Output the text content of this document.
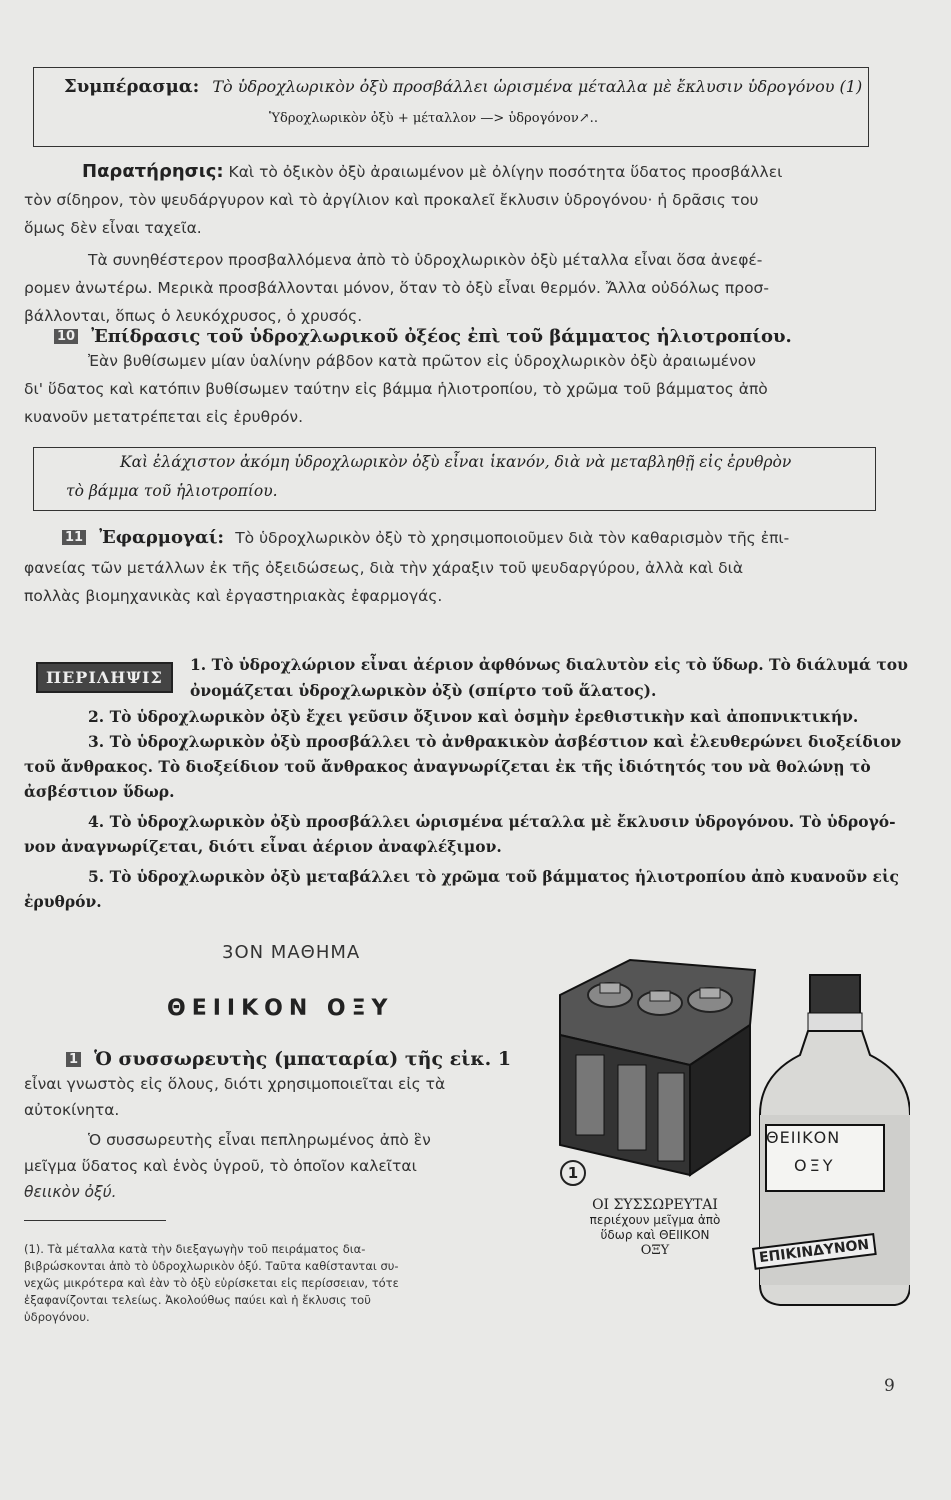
Συμπέρασμα: Τὸ ὑδροχλωρικὸν ὀξὺ προσβάλλει ὡρισμένα μέταλλα μὲ ἔκλυσιν ὑδρογόνου (1)
Ὑδροχλωρικὸν ὀξὺ + μέταλλον —> ὑδρογόνον↗..

Παρατήρησις: Καὶ τὸ ὀξικὸν ὀξὺ ἀραιωμένον μὲ ὀλίγην ποσότητα ὕδατος προσβάλλει

τὸν σίδηρον, τὸν ψευδάργυρον καὶ τὸ ἀργίλιον καὶ προκαλεῖ ἔκλυσιν ὑδρογόνου· ἡ δρᾶσις του

ὅμως δὲν εἶναι ταχεῖα.

Τὰ συνηθέστερον προσβαλλόμενα ἀπὸ τὸ ὑδροχλωρικὸν ὀξὺ μέταλλα εἶναι ὅσα ἀνεφέ-

ρομεν ἀνωτέρω. Μερικὰ προσβάλλονται μόνον, ὅταν τὸ ὀξὺ εἶναι θερμόν. Ἄλλα οὐδόλως προσ-

βάλλονται, ὅπως ὁ λευκόχρυσος, ὁ χρυσός.

10 Ἐπίδρασις τοῦ ὑδροχλωρικοῦ ὀξέος ἐπὶ τοῦ βάμματος ἡλιοτροπίου.

Ἐὰν βυθίσωμεν μίαν ὑαλίνην ράβδον κατὰ πρῶτον εἰς ὑδροχλωρικὸν ὀξὺ ἀραιωμένον

δι' ὕδατος καὶ κατόπιν βυθίσωμεν ταύτην εἰς βάμμα ἡλιοτροπίου, τὸ χρῶμα τοῦ βάμματος ἀπὸ

κυανοῦν μετατρέπεται εἰς ἐρυθρόν.

Καὶ ἐλάχιστον ἀκόμη ὑδροχλωρικὸν ὀξὺ εἶναι ἱκανόν, διὰ νὰ μεταβληθῇ εἰς ἐρυθρὸν
τὸ βάμμα τοῦ ἡλιοτροπίου.

11 Ἐφαρμογαί: Τὸ ὑδροχλωρικὸν ὀξὺ τὸ χρησιμοποιοῦμεν διὰ τὸν καθαρισμὸν τῆς ἐπι-

φανείας τῶν μετάλλων ἐκ τῆς ὀξειδώσεως, διὰ τὴν χάραξιν τοῦ ψευδαργύρου, ἀλλὰ καὶ διὰ

πολλὰς βιομηχανικὰς καὶ ἐργαστηριακὰς ἐφαρμογάς.

ΠΕΡΙΛΗΨΙΣ

1. Τὸ ὑδροχλώριον εἶναι ἀέριον ἀφθόνως διαλυτὸν εἰς τὸ ὕδωρ. Τὸ διάλυμά του

ὀνομάζεται ὑδροχλωρικὸν ὀξὺ (σπίρτο τοῦ ἅλατος).

2. Τὸ ὑδροχλωρικὸν ὀξὺ ἔχει γεῦσιν ὄξινον καὶ ὀσμὴν ἐρεθιστικὴν καὶ ἀποπνικτικήν.

3. Τὸ ὑδροχλωρικὸν ὀξὺ προσβάλλει τὸ ἀνθρακικὸν ἀσβέστιον καὶ ἐλευθερώνει διοξείδιον

τοῦ ἄνθρακος. Τὸ διοξείδιον τοῦ ἄνθρακος ἀναγνωρίζεται ἐκ τῆς ἰδιότητός του νὰ θολώνῃ τὸ

ἀσβέστιον ὕδωρ.

4. Τὸ ὑδροχλωρικὸν ὀξὺ προσβάλλει ὡρισμένα μέταλλα μὲ ἔκλυσιν ὑδρογόνου. Τὸ ὑδρογό-

νον ἀναγνωρίζεται, διότι εἶναι ἀέριον ἀναφλέξιμον.

5. Τὸ ὑδροχλωρικὸν ὀξὺ μεταβάλλει τὸ χρῶμα τοῦ βάμματος ἡλιοτροπίου ἀπὸ κυανοῦν εἰς

ἐρυθρόν.

3ΟΝ ΜΑΘΗΜΑ
ΘΕΙΙΚΟΝ ΟΞΥ

1 Ὁ συσσωρευτὴς (μπαταρία) τῆς εἰκ. 1

εἶναι γνωστὸς εἰς ὅλους, διότι χρησιμοποιεῖται εἰς τὰ

αὐτοκίνητα.

Ὁ συσσωρευτὴς εἶναι πεπληρωμένος ἀπὸ ἓν

μεῖγμα ὕδατος καὶ ἑνὸς ὑγροῦ, τὸ ὁποῖον καλεῖται

θειικὸν ὀξύ.

ΘΕΙΙΚΟΝ
ΟΞΥ
ΕΠΙΚΙΝΔΥΝΟΝ
1
ΟΙ ΣΥΣΣΩΡΕΥΤΑΙ
περιέχουν μεῖγμα ἀπὸ
ὕδωρ καὶ ΘΕΙΙΚΟΝ
ΟΞΥ

(1). Τὰ μέταλλα κατὰ τὴν διεξαγωγὴν τοῦ πειράματος δια-

βιβρώσκονται ἀπὸ τὸ ὑδροχλωρικὸν ὀξύ. Ταῦτα καθίστανται συ-

νεχῶς μικρότερα καὶ ἐὰν τὸ ὀξὺ εὑρίσκεται εἰς περίσσειαν, τότε

ἐξαφανίζονται τελείως. Ἀκολούθως παύει καὶ ἡ ἔκλυσις τοῦ

ὑδρογόνου.

9
